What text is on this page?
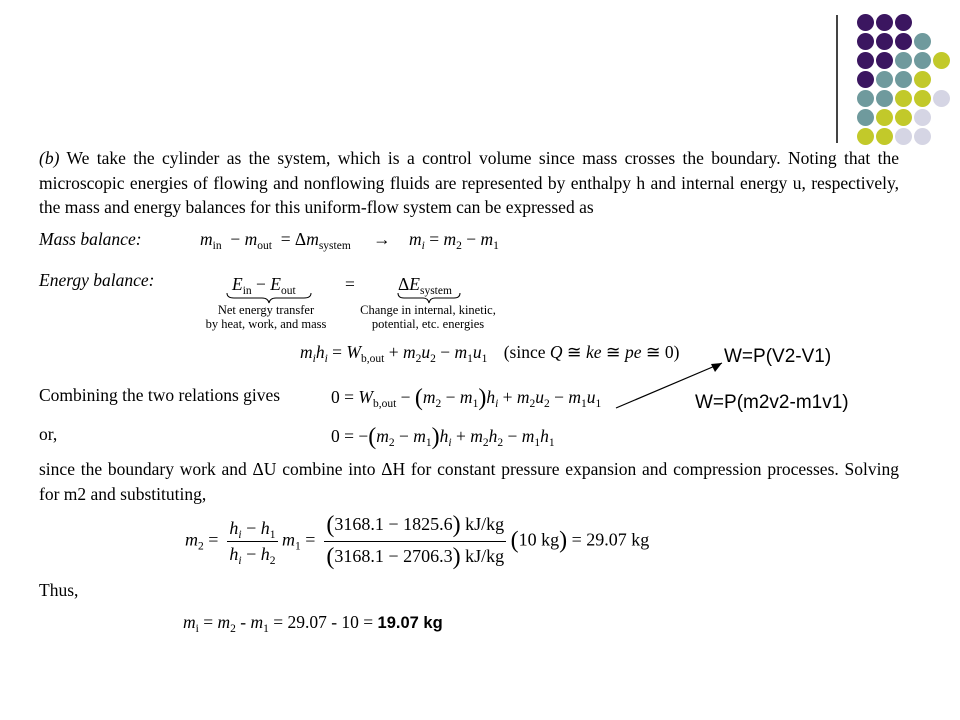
(b) We take the cylinder as the system, which is a control volume since mass crosses the boundary. Noting that the microscopic energies of flowing and nonflowing fluids are represented by enthalpy h and internal energy u, respectively, the mass and energy balances for this uniform-flow system can be expressed as
Mass balance:	$m_{in} - m_{out} = \Delta m_{system} \to m_i = m_2 - m_1$
Energy balance:	$E_{in} - E_{out}$	= $\Delta E_{system}$
Net energy transfer
by heat, work, and mass
Change in internal, kinetic,
potential, etc. energies
$m_ih_i = W_{b,out} + m_2u_2 - m_1u_1$ (since Q ≅ ke ≅ pe ≅ 0)
Combining the two relations gives	$0 = W_{b,out} - (m_2 - m_1)h_i + m_2u_2 - m_1u_1$
or,	$0 = -(m_2 - m_1)h_i + m_2h_2 - m_1h_1$
since the boundary work and ΔU combine into ΔH for constant pressure expansion and compression processes. Solving for m2 and substituting,
$m_2 = \frac{h_i - h_1}{h_i - h_2} m_1 = \frac{(3168.1 - 1825.6) kJ/kg}{(3168.1 - 2706.3) kJ/kg} (10$ kg) = 29.07 kg
Thus,
$m_i = m_2 - m_1 = 29.07 - 10 = 19.07$ kg
W=P(V2-V1)
W=P(m2v2-m1v1)
